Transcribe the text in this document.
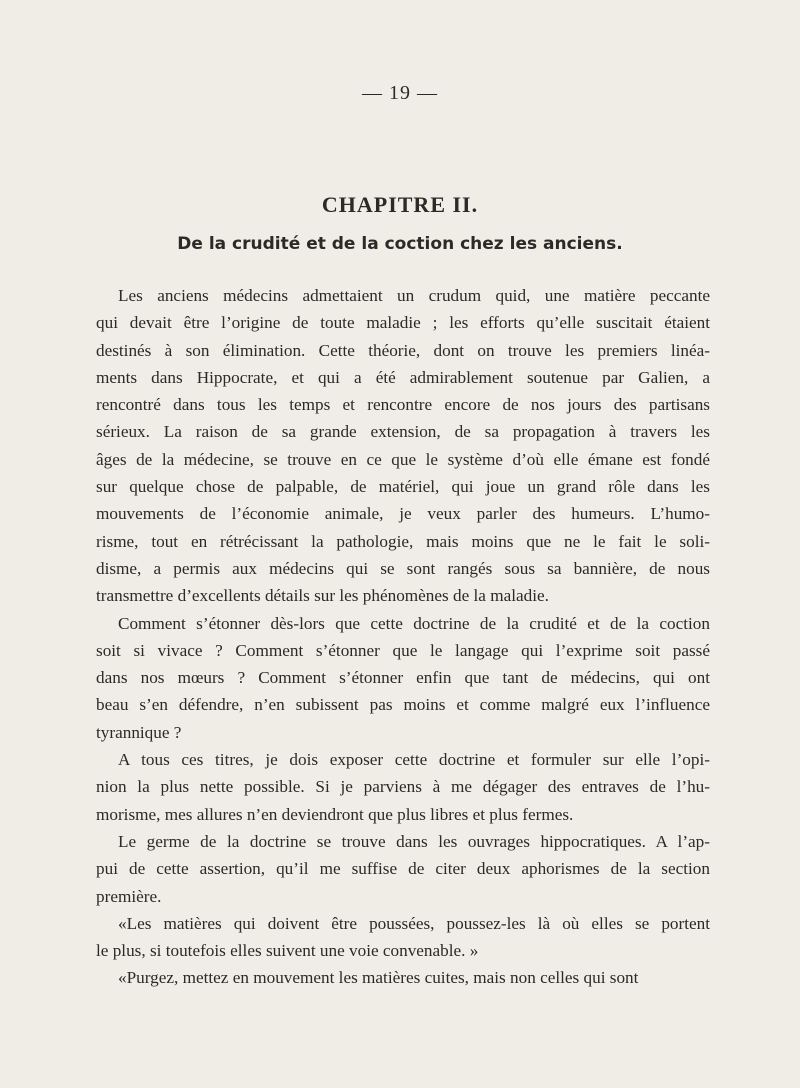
— 19 —
CHAPITRE II.
De la crudité et de la coction chez les anciens.
Les anciens médecins admettaient un crudum quid, une matière peccante
qui devait être l’origine de toute maladie ; les efforts qu’elle suscitait étaient
destinés à son élimination. Cette théorie, dont on trouve les premiers linéa-
ments dans Hippocrate, et qui a été admirablement soutenue par Galien, a
rencontré dans tous les temps et rencontre encore de nos jours des partisans
sérieux. La raison de sa grande extension, de sa propagation à travers les
âges de la médecine, se trouve en ce que le système d’où elle émane est fondé
sur quelque chose de palpable, de matériel, qui joue un grand rôle dans les
mouvements de l’économie animale, je veux parler des humeurs. L’humo-
risme, tout en rétrécissant la pathologie, mais moins que ne le fait le soli-
disme, a permis aux médecins qui se sont rangés sous sa bannière, de nous
transmettre d’excellents détails sur les phénomènes de la maladie.
Comment s’étonner dès-lors que cette doctrine de la crudité et de la coction
soit si vivace ? Comment s’étonner que le langage qui l’exprime soit passé
dans nos mœurs ? Comment s’étonner enfin que tant de médecins, qui ont
beau s’en défendre, n’en subissent pas moins et comme malgré eux l’influence
tyrannique ?
A tous ces titres, je dois exposer cette doctrine et formuler sur elle l’opi-
nion la plus nette possible. Si je parviens à me dégager des entraves de l’hu-
morisme, mes allures n’en deviendront que plus libres et plus fermes.
Le germe de la doctrine se trouve dans les ouvrages hippocratiques. A l’ap-
pui de cette assertion, qu’il me suffise de citer deux aphorismes de la section
première.
«Les matières qui doivent être poussées, poussez-les là où elles se portent
le plus, si toutefois elles suivent une voie convenable. »
«Purgez, mettez en mouvement les matières cuites, mais non celles qui sont
